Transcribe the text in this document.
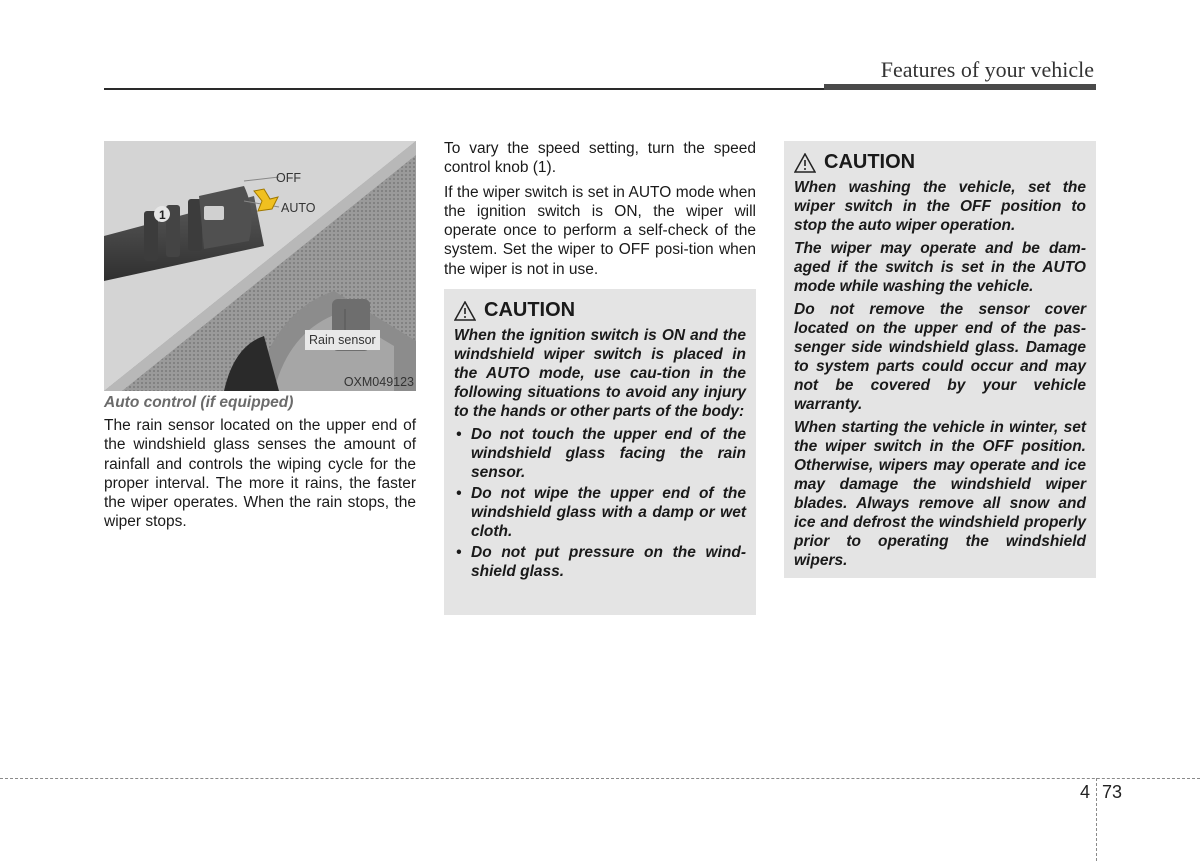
Features of your vehicle
1
OFF
AUTO
Rain sensor
OXM049123
Auto control (if equipped)

The rain sensor located on the upper end of the windshield glass senses the amount of rainfall and controls the wiping cycle for the proper interval. The more it rains, the faster the wiper operates. When the rain stops, the wiper stops.

To vary the speed setting, turn the speed control knob (1).

If the wiper switch is set in AUTO mode when the ignition switch is ON, the wiper will operate once to perform a self-check of the system. Set the wiper to OFF posi-tion when the wiper is not in use.

CAUTION

When the ignition switch is ON and the windshield wiper switch is placed in the AUTO mode, use cau-tion in the following situations to avoid any injury to the hands or other parts of the body:

• Do not touch the upper end of the windshield glass facing the rain sensor.
• Do not wipe the upper end of the windshield glass with a damp or wet cloth.
• Do not put pressure on the wind-shield glass.
CAUTION

When washing the vehicle, set the wiper switch in the OFF position to stop the auto wiper operation.

The wiper may operate and be dam-aged if the switch is set in the AUTO mode while washing the vehicle.

Do not remove the sensor cover located on the upper end of the pas-senger side windshield glass. Damage to system parts could occur and may not be covered by your vehicle warranty.

When starting the vehicle in winter, set the wiper switch in the OFF position. Otherwise, wipers may operate and ice may damage the windshield wiper blades. Always remove all snow and ice and defrost the windshield properly prior to operating the windshield wipers.

4 73
